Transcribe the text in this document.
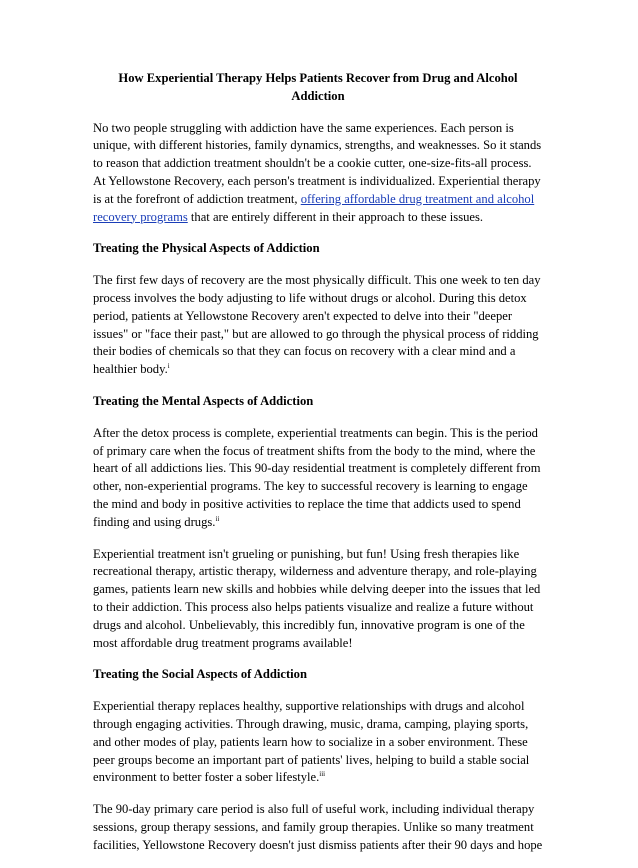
How Experiential Therapy Helps Patients Recover from Drug and Alcohol Addiction

No two people struggling with addiction have the same experiences. Each person is unique, with different histories, family dynamics, strengths, and weaknesses. So it stands to reason that addiction treatment shouldn't be a cookie cutter, one-size-fits-all process. At Yellowstone Recovery, each person's treatment is individualized. Experiential therapy is at the forefront of addiction treatment, offering affordable drug treatment and alcohol recovery programs that are entirely different in their approach to these issues.

Treating the Physical Aspects of Addiction

The first few days of recovery are the most physically difficult. This one week to ten day process involves the body adjusting to life without drugs or alcohol. During this detox period, patients at Yellowstone Recovery aren't expected to delve into their "deeper issues" or "face their past," but are allowed to go through the physical process of ridding their bodies of chemicals so that they can focus on recovery with a clear mind and a healthier body.$^i$

Treating the Mental Aspects of Addiction

After the detox process is complete, experiential treatments can begin. This is the period of primary care when the focus of treatment shifts from the body to the mind, where the heart of all addictions lies. This 90-day residential treatment is completely different from other, non-experiential programs. The key to successful recovery is learning to engage the mind and body in positive activities to replace the time that addicts used to spend finding and using drugs.$^{ii}$

Experiential treatment isn't grueling or punishing, but fun! Using fresh therapies like recreational therapy, artistic therapy, wilderness and adventure therapy, and role-playing games, patients learn new skills and hobbies while delving deeper into the issues that led to their addiction. This process also helps patients visualize and realize a future without drugs and alcohol. Unbelievably, this incredibly fun, innovative program is one of the most affordable drug treatment programs available!

Treating the Social Aspects of Addiction

Experiential therapy replaces healthy, supportive relationships with drugs and alcohol through engaging activities. Through drawing, music, drama, camping, playing sports, and other modes of play, patients learn how to socialize in a sober environment. These peer groups become an important part of patients' lives, helping to build a stable social environment to better foster a sober lifestyle.$^{iii}$

The 90-day primary care period is also full of useful work, including individual therapy sessions, group therapy sessions, and family group therapies. Unlike so many treatment facilities, Yellowstone Recovery doesn't just dismiss patients after their 90 days and hope
